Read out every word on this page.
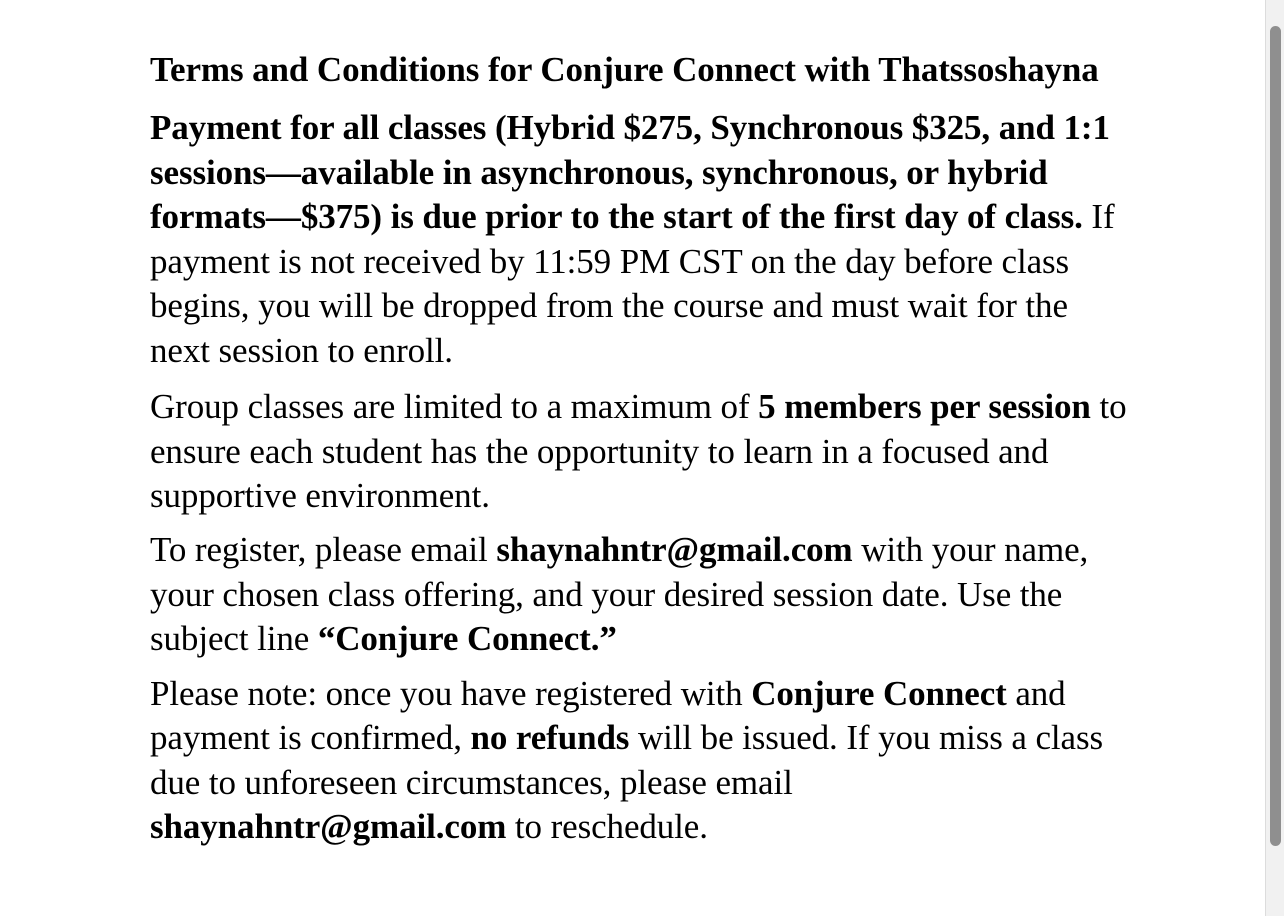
Terms and Conditions for Conjure Connect with Thatssoshayna

Payment for all classes (Hybrid $275, Synchronous $325, and 1:1 sessions—available in asynchronous, synchronous, or hybrid formats—$375) is due prior to the start of the first day of class. If payment is not received by 11:59 PM CST on the day before class begins, you will be dropped from the course and must wait for the next session to enroll.

Group classes are limited to a maximum of 5 members per session to ensure each student has the opportunity to learn in a focused and supportive environment.

To register, please email shaynahntr@gmail.com with your name, your chosen class offering, and your desired session date. Use the subject line “Conjure Connect.”

Please note: once you have registered with Conjure Connect and payment is confirmed, no refunds will be issued. If you miss a class due to unforeseen circumstances, please email shaynahntr@gmail.com to reschedule.
